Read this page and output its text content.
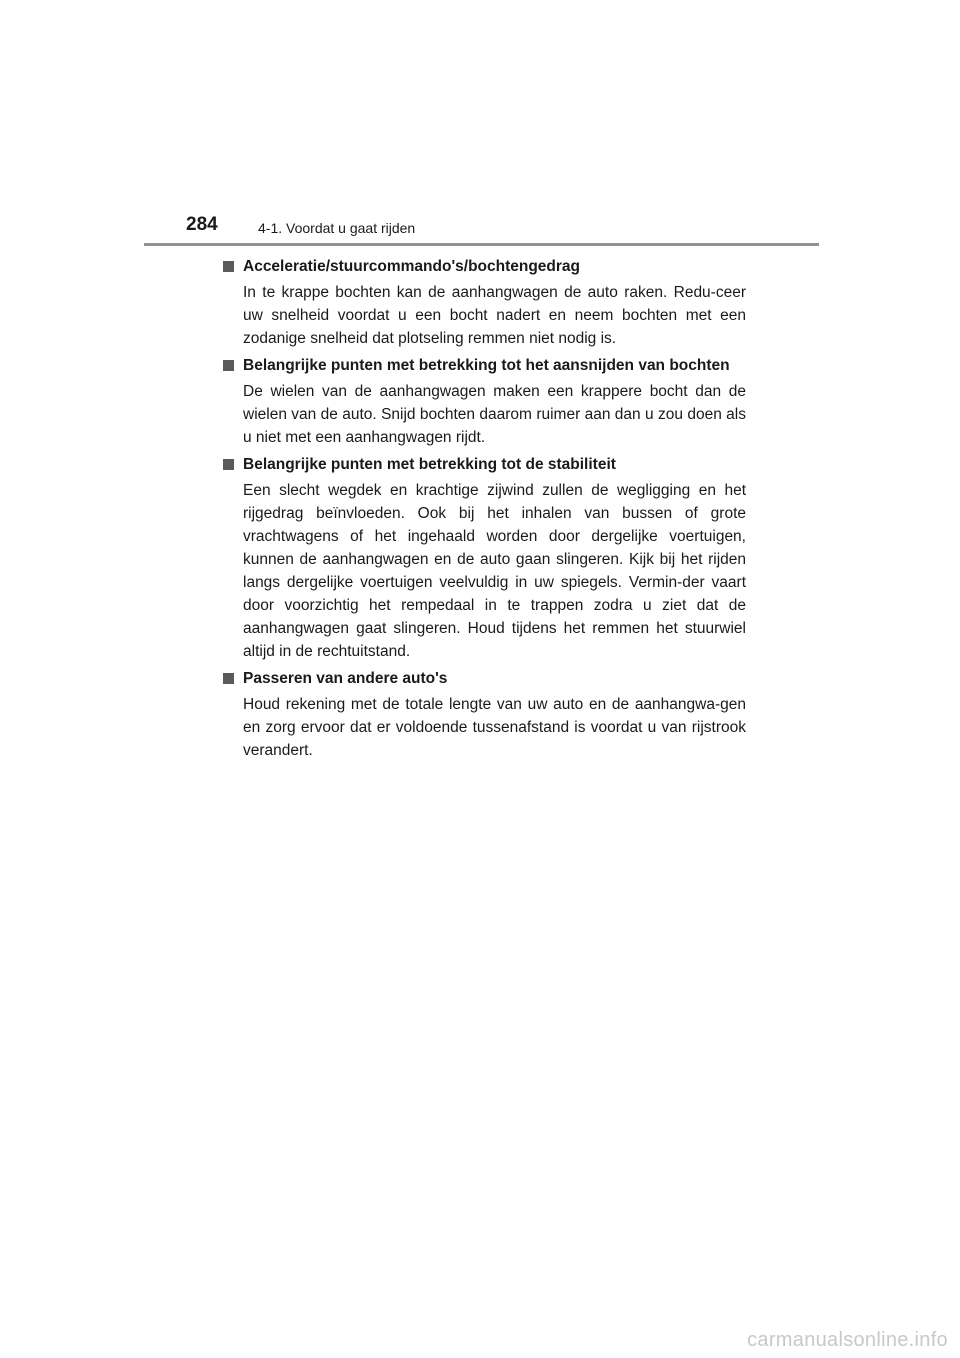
284	4-1. Voordat u gaat rijden
Acceleratie/stuurcommando's/bochtengedrag

In te krappe bochten kan de aanhangwagen de auto raken. Redu-ceer uw snelheid voordat u een bocht nadert en neem bochten met een zodanige snelheid dat plotseling remmen niet nodig is.

Belangrijke punten met betrekking tot het aansnijden van bochten

De wielen van de aanhangwagen maken een krappere bocht dan de wielen van de auto. Snijd bochten daarom ruimer aan dan u zou doen als u niet met een aanhangwagen rijdt.

Belangrijke punten met betrekking tot de stabiliteit

Een slecht wegdek en krachtige zijwind zullen de wegligging en het rijgedrag beïnvloeden. Ook bij het inhalen van bussen of grote vrachtwagens of het ingehaald worden door dergelijke voertuigen, kunnen de aanhangwagen en de auto gaan slingeren. Kijk bij het rijden langs dergelijke voertuigen veelvuldig in uw spiegels. Vermin-der vaart door voorzichtig het rempedaal in te trappen zodra u ziet dat de aanhangwagen gaat slingeren. Houd tijdens het remmen het stuurwiel altijd in de rechtuitstand.

Passeren van andere auto's

Houd rekening met de totale lengte van uw auto en de aanhangwa-gen en zorg ervoor dat er voldoende tussenafstand is voordat u van rijstrook verandert.

carmanualsonline.info
